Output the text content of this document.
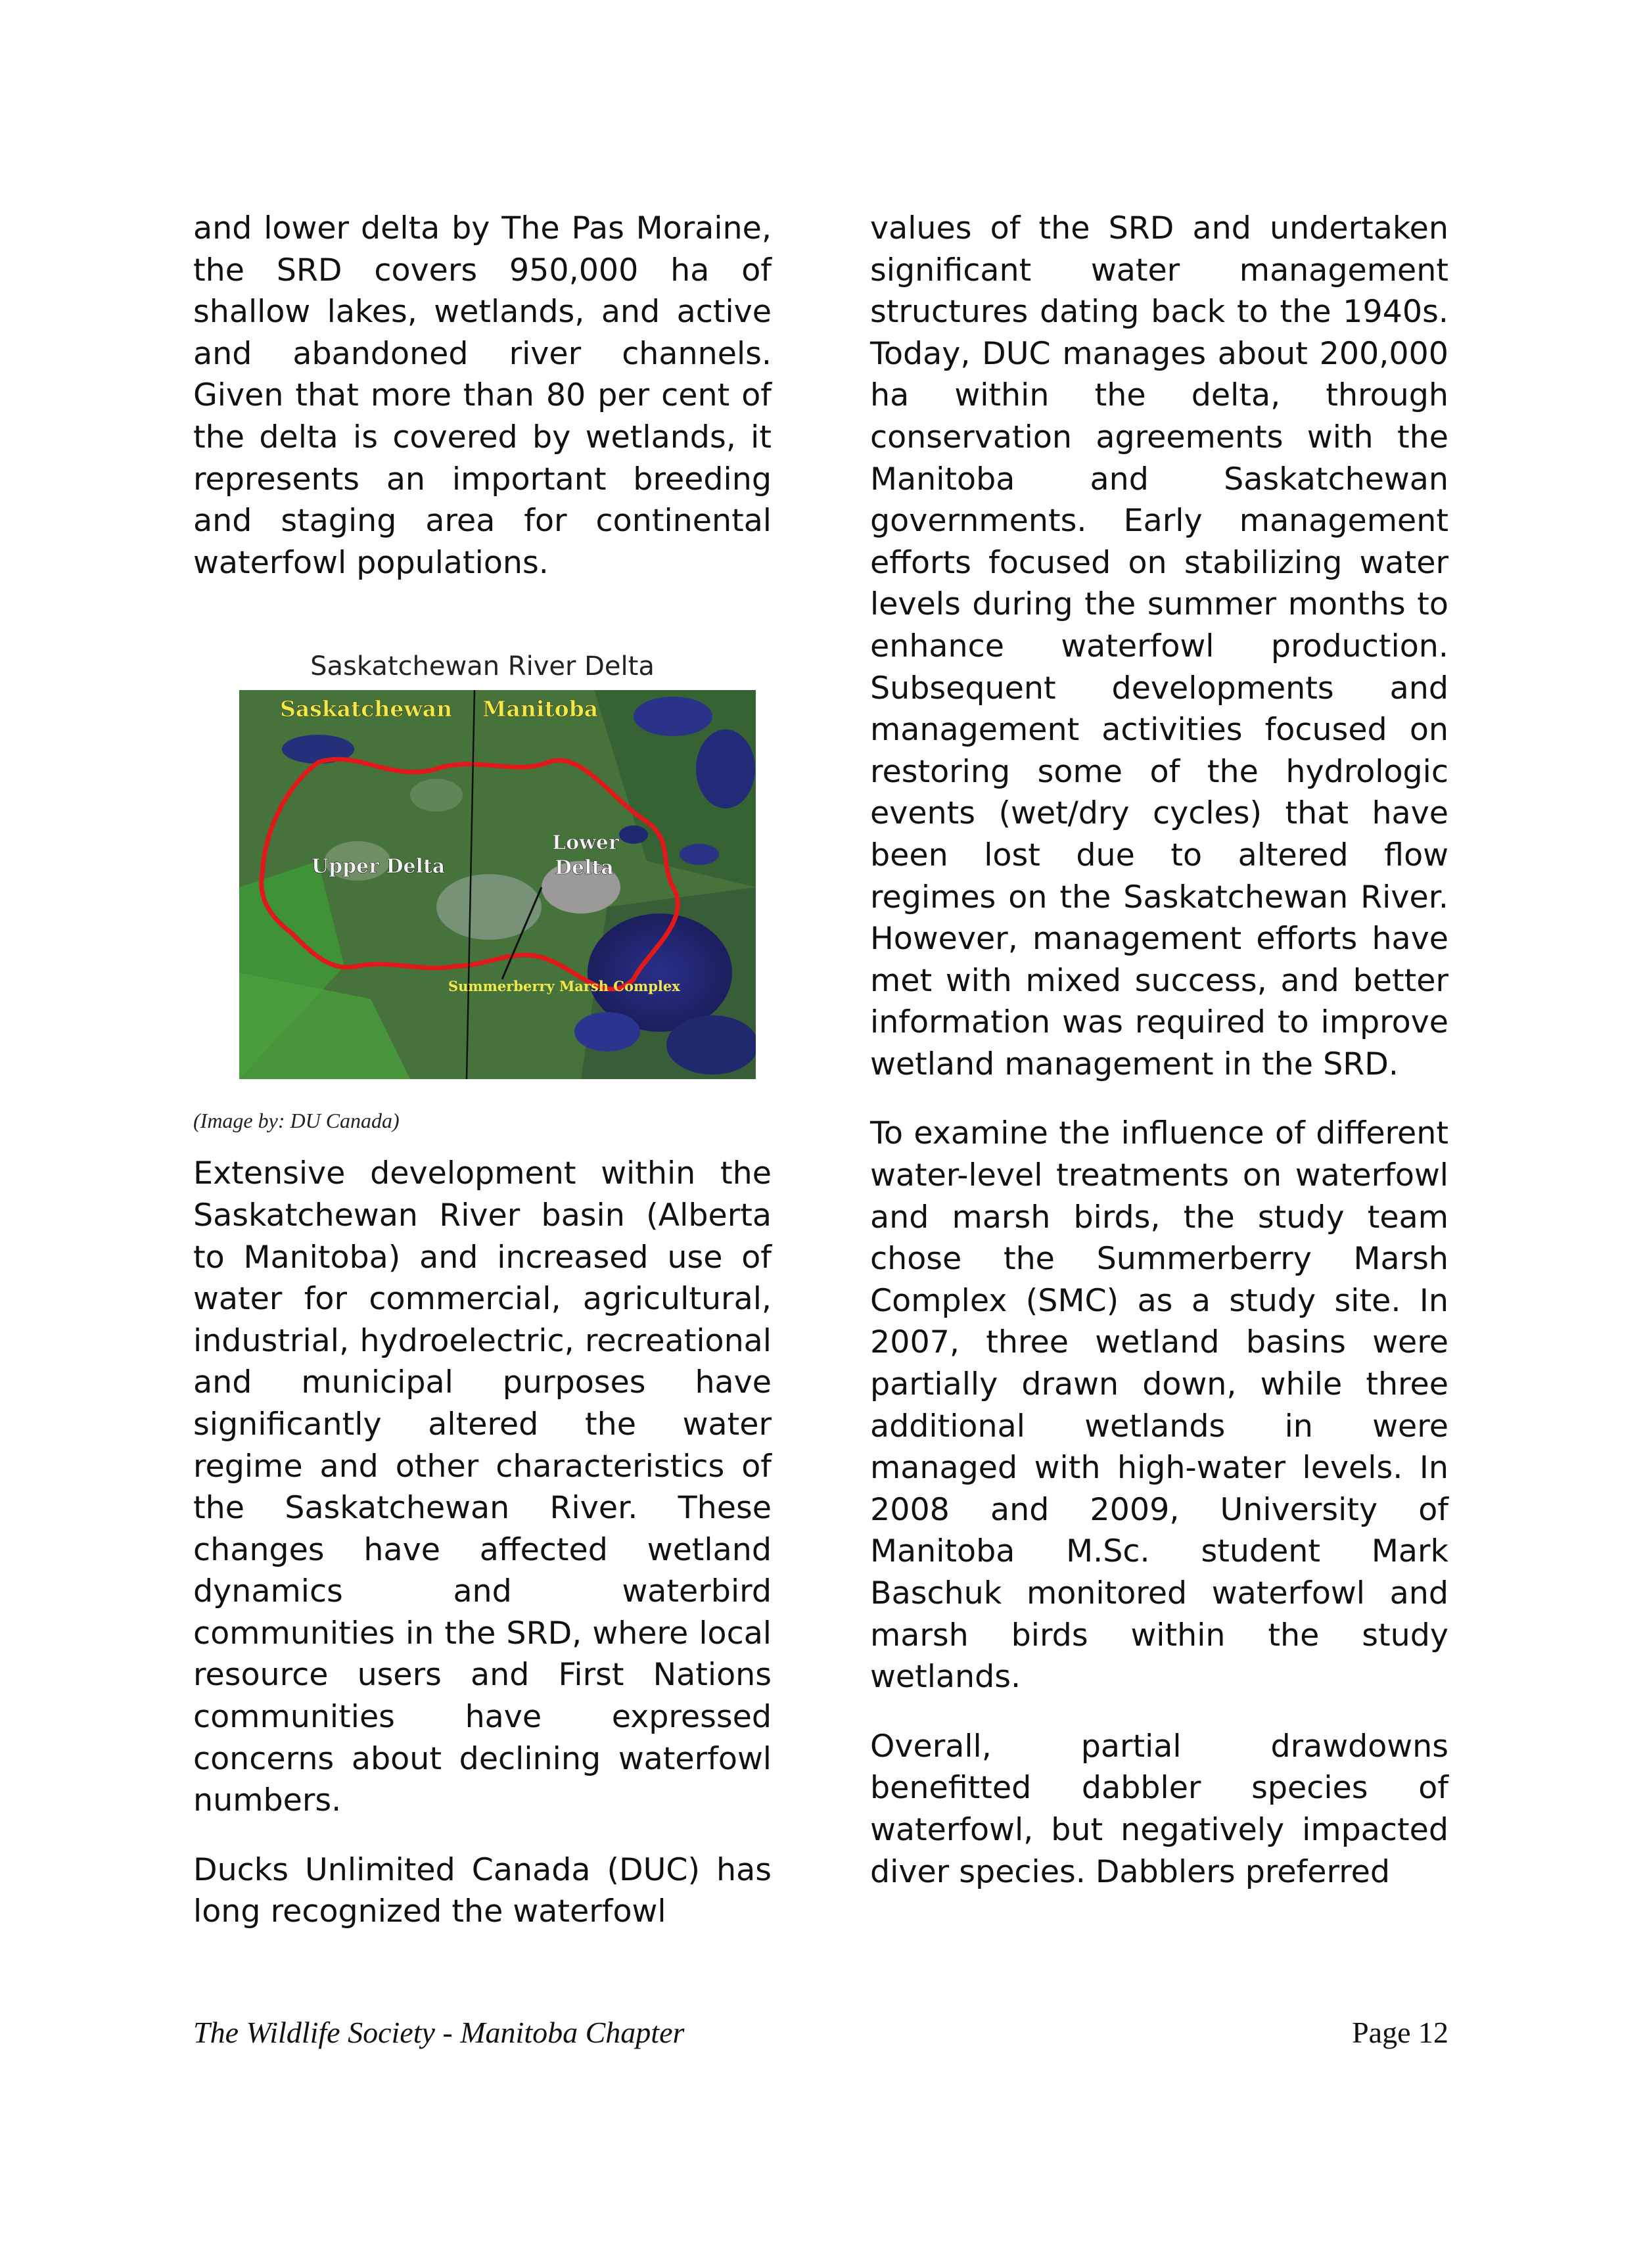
and lower delta by The Pas Moraine, the SRD covers 950,000 ha of shallow lakes, wetlands, and active and abandoned river channels. Given that more than 80 per cent of the delta is covered by wetlands, it represents an important breeding and staging area for continental waterfowl populations.

Saskatchewan River Delta
Saskatchewan Manitoba
Upper Delta
Lower
Delta
Summerberry Marsh Complex
(Image by: DU Canada)

Extensive development within the Saskatchewan River basin (Alberta to Manitoba) and increased use of water for commercial, agricultural, industrial, hydroelectric, recreational and municipal purposes have significantly altered the water regime and other characteristics of the Saskatchewan River. These changes have affected wetland dynamics and waterbird communities in the SRD, where local resource users and First Nations communities have expressed concerns about declining waterfowl numbers.

Ducks Unlimited Canada (DUC) has long recognized the waterfowl

values of the SRD and undertaken significant water management structures dating back to the 1940s. Today, DUC manages about 200,000 ha within the delta, through conservation agreements with the Manitoba and Saskatchewan governments. Early management efforts focused on stabilizing water levels during the summer months to enhance waterfowl production. Subsequent developments and management activities focused on restoring some of the hydrologic events (wet/dry cycles) that have been lost due to altered flow regimes on the Saskatchewan River. However, management efforts have met with mixed success, and better information was required to improve wetland management in the SRD.

To examine the influence of different water-level treatments on waterfowl and marsh birds, the study team chose the Summerberry Marsh Complex (SMC) as a study site. In 2007, three wetland basins were partially drawn down, while three additional wetlands in were managed with high-water levels. In 2008 and 2009, University of Manitoba M.Sc. student Mark Baschuk monitored waterfowl and marsh birds within the study wetlands.

Overall, partial drawdowns benefitted dabbler species of waterfowl, but negatively impacted diver species. Dabblers preferred

The Wildlife Society - Manitoba Chapter	Page 12
